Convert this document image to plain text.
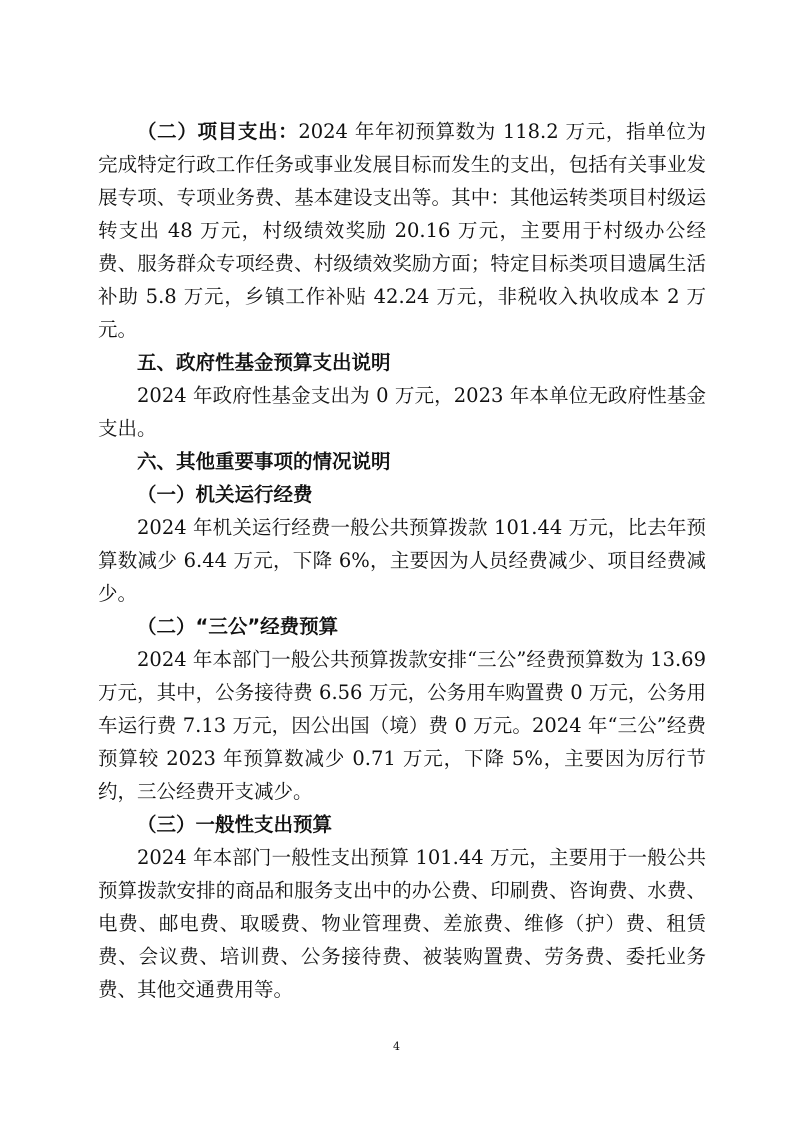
（二）项目支出：2024 年年初预算数为 118.2 万元，指单位为完成特定行政工作任务或事业发展目标而发生的支出，包括有关事业发展专项、专项业务费、基本建设支出等。其中：其他运转类项目村级运转支出 48 万元，村级绩效奖励 20.16 万元，主要用于村级办公经费、服务群众专项经费、村级绩效奖励方面；特定目标类项目遗属生活补助 5.8 万元，乡镇工作补贴 42.24 万元，非税收入执收成本 2 万元。

五、政府性基金预算支出说明

2024 年政府性基金支出为 0 万元，2023 年本单位无政府性基金支出。

六、其他重要事项的情况说明

（一）机关运行经费

2024 年机关运行经费一般公共预算拨款 101.44 万元，比去年预算数减少 6.44 万元，下降 6%，主要因为人员经费减少、项目经费减少。

（二）“三公”经费预算

2024 年本部门一般公共预算拨款安排“三公”经费预算数为 13.69 万元，其中，公务接待费 6.56 万元，公务用车购置费 0 万元，公务用车运行费 7.13 万元，因公出国（境）费 0 万元。2024 年“三公”经费预算较 2023 年预算数减少 0.71 万元，下降 5%，主要因为厉行节约，三公经费开支减少。

（三）一般性支出预算

2024 年本部门一般性支出预算 101.44 万元，主要用于一般公共预算拨款安排的商品和服务支出中的办公费、印刷费、咨询费、水费、电费、邮电费、取暖费、物业管理费、差旅费、维修（护）费、租赁费、会议费、培训费、公务接待费、被装购置费、劳务费、委托业务费、其他交通费用等。

4
